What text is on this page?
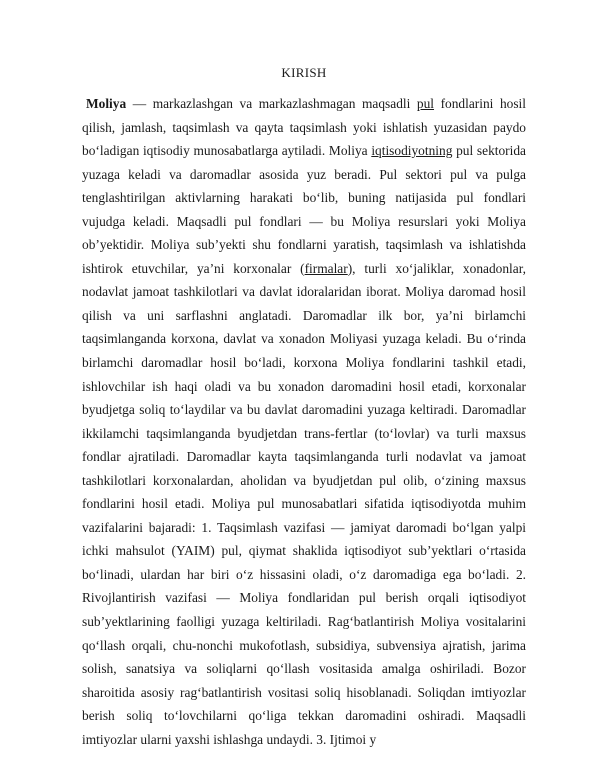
KIRISH

Moliya — markazlashgan va markazlashmagan maqsadli pul fondlarini hosil qilish, jamlash, taqsimlash va qayta taqsimlash yoki ishlatish yuzasidan paydo boʻladigan iqtisodiy munosabatlarga aytiladi. Moliya iqtisodiyotning pul sektorida yuzaga keladi va daromadlar asosida yuz beradi. Pul sektori pul va pulga tenglashtirilgan aktivlarning harakati boʻlib, buning natijasida pul fondlari vujudga keladi. Maqsadli pul fondlari — bu Moliya resurslari yoki Moliya obʼyektidir. Moliya subʼyekti shu fondlarni yaratish, taqsimlash va ishlatishda ishtirok etuvchilar, yaʼni korxonalar (firmalar), turli xoʻjaliklar, xonadonlar, nodavlat jamoat tashkilotlari va davlat idoralaridan iborat. Moliya daromad hosil qilish va uni sarflashni anglatadi. Daromadlar ilk bor, yaʼni birlamchi taqsimlanganda korxona, davlat va xonadon Moliyasi yuzaga keladi. Bu oʻrinda birlamchi daromadlar hosil boʻladi, korxona Moliya fondlarini tashkil etadi, ishlovchilar ish haqi oladi va bu xonadon daromadini hosil etadi, korxonalar byudjetga soliq toʻlaydilar va bu davlat daromadini yuzaga keltiradi. Daromadlar ikkilamchi taqsimlanganda byudjetdan trans-fertlar (toʻlovlar) va turli maxsus fondlar ajratiladi. Daromadlar kayta taqsimlanganda turli nodavlat va jamoat tashkilotlari korxonalardan, aholidan va byudjetdan pul olib, oʻzining maxsus fondlarini hosil etadi. Moliya pul munosabatlari sifatida iqtisodiyotda muhim vazifalarini bajaradi: 1. Taqsimlash vazifasi — jamiyat daromadi boʻlgan yalpi ichki mahsulot (YAIM) pul, qiymat shaklida iqtisodiyot subʼyektlari oʻrtasida boʻlinadi, ulardan har biri oʻz hissasini oladi, oʻz daromadiga ega boʻladi. 2. Rivojlantirish vazifasi — Moliya fondlaridan pul berish orqali iqtisodiyot subʼyektlarining faolligi yuzaga keltiriladi. Ragʻbatlantirish Moliya vositalarini qoʻllash orqali, chu-nonchi mukofotlash, subsidiya, subvensiya ajratish, jarima solish, sanatsiya va soliqlarni qoʻllash vositasida amalga oshiriladi. Bozor sharoitida asosiy ragʻbatlantirish vositasi soliq hisoblanadi. Soliqdan imtiyozlar berish soliq toʻlovchilarni qoʻliga tekkan daromadini oshiradi. Maqsadli imtiyozlar ularni yaxshi ishlashga undaydi. 3. Ijtimoi y
